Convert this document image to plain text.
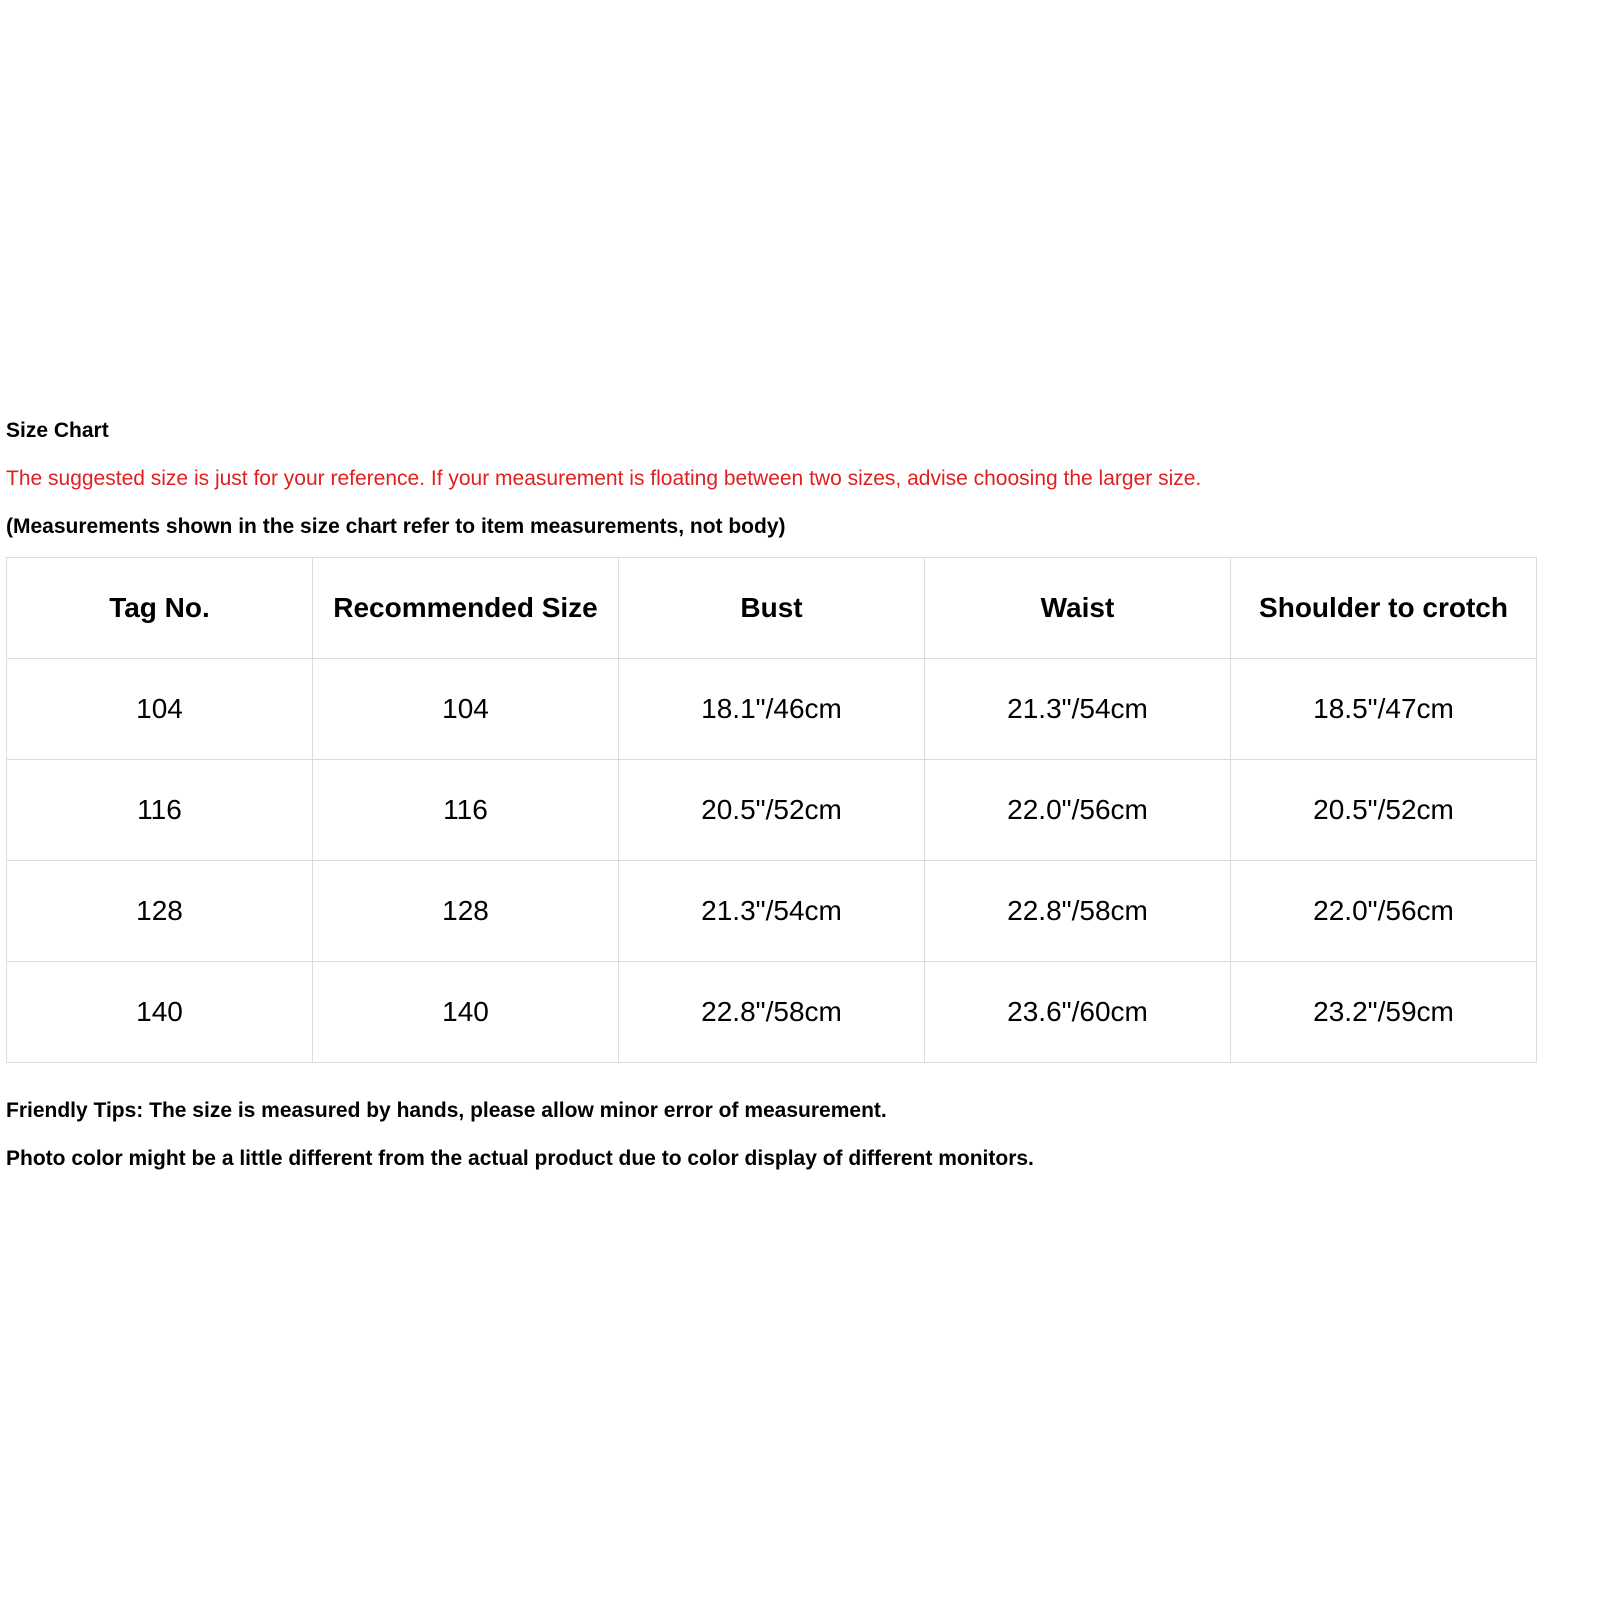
Size Chart
The suggested size is just for your reference. If your measurement is floating between two sizes, advise choosing the larger size.
(Measurements shown in the size chart refer to item measurements, not body)
Tag No.	Recommended Size	Bust	Waist	Shoulder to crotch
104	104	18.1"/46cm	21.3"/54cm	18.5"/47cm
116	116	20.5"/52cm	22.0"/56cm	20.5"/52cm
128	128	21.3"/54cm	22.8"/58cm	22.0"/56cm
140	140	22.8"/58cm	23.6"/60cm	23.2"/59cm
Friendly Tips: The size is measured by hands, please allow minor error of measurement.
Photo color might be a little different from the actual product due to color display of different monitors.
